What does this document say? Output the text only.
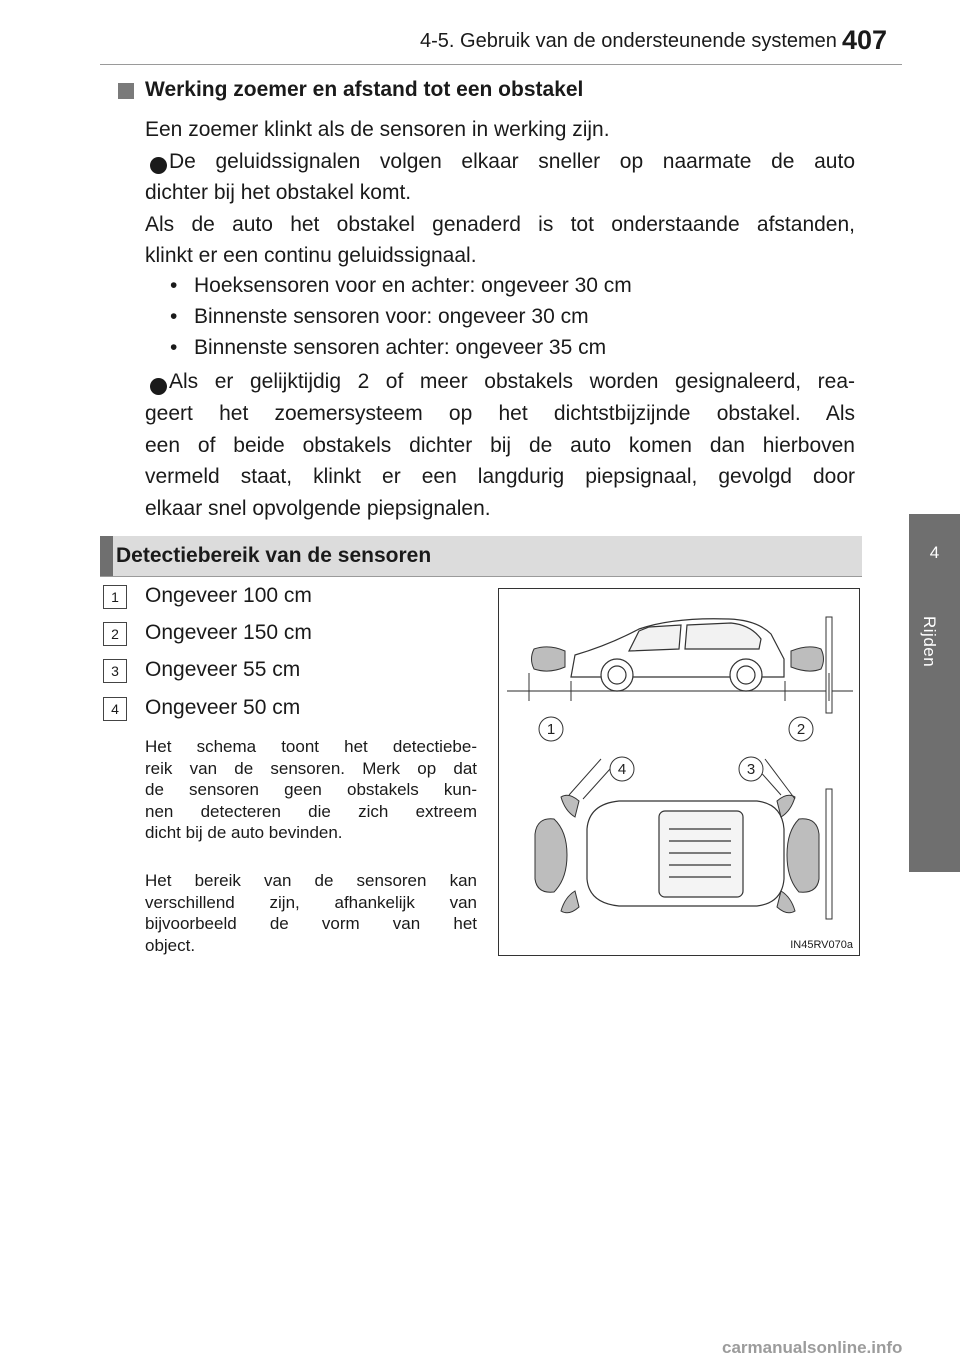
4-5. Gebruik van de ondersteunende systemen 407
4
Rijden
Werking zoemer en afstand tot een obstakel
Een zoemer klinkt als de sensoren in werking zijn.
De geluidssignalen volgen elkaar sneller op naarmate de auto
dichter bij het obstakel komt.
Als de auto het obstakel genaderd is tot onderstaande afstanden,
klinkt er een continu geluidssignaal.
• Hoeksensoren voor en achter: ongeveer 30 cm
• Binnenste sensoren voor: ongeveer 30 cm
• Binnenste sensoren achter: ongeveer 35 cm
Als er gelijktijdig 2 of meer obstakels worden gesignaleerd, rea-
geert het zoemersysteem op het dichtstbijzijnde obstakel. Als
een of beide obstakels dichter bij de auto komen dan hierboven
vermeld staat, klinkt er een langdurig piepsignaal, gevolgd door
elkaar snel opvolgende piepsignalen.
Detectiebereik van de sensoren
1	Ongeveer 100 cm
2	Ongeveer 150 cm
3	Ongeveer 55 cm
4	Ongeveer 50 cm
Het schema toont het detectiebe-
reik van de sensoren. Merk op dat
de sensoren geen obstakels kun-
nen detecteren die zich extreem
dicht bij de auto bevinden.
Het bereik van de sensoren kan
verschillend zijn, afhankelijk van
bijvoorbeeld de vorm van het
object.
1	2
3
4
IN45RV070a
carmanualsonline.info
